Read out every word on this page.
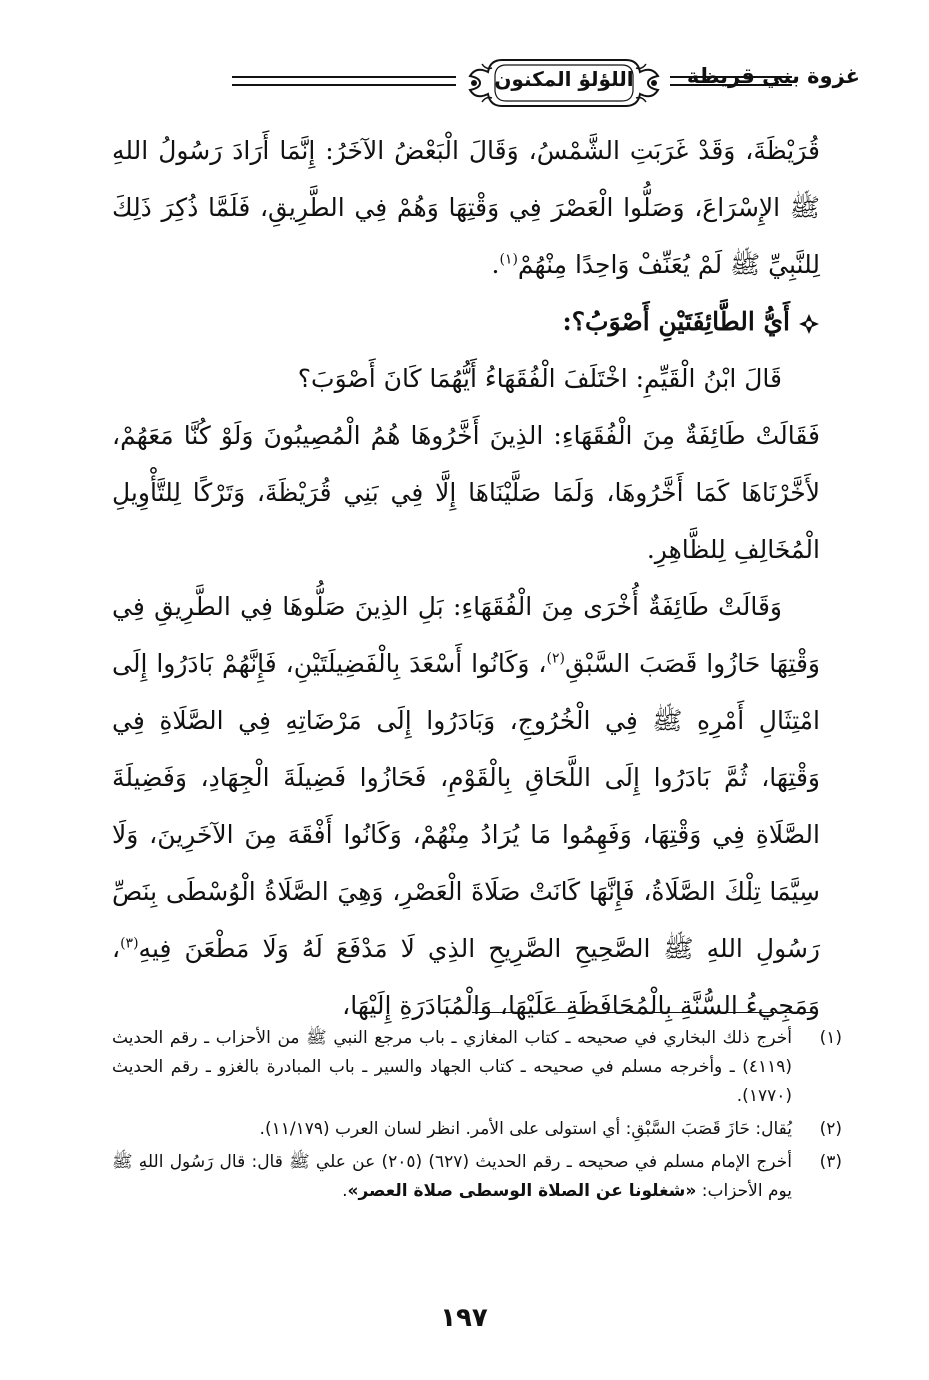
غزوة بني قريظة
اللؤلؤ المكنون

قُرَيْظَةَ، وَقَدْ غَرَبَتِ الشَّمْسُ، وَقَالَ الْبَعْضُ الآخَرُ: إِنَّمَا أَرَادَ رَسُولُ اللهِ ﷺ الإِسْرَاعَ، وَصَلُّوا الْعَصْرَ فِي وَقْتِهَا وَهُمْ فِي الطَّرِيقِ، فَلَمَّا ذُكِرَ ذَلِكَ لِلنَّبِيِّ ﷺ لَمْ يُعَنِّفْ وَاحِدًا مِنْهُمْ$^{(١)}$.

أَيُّ الطَّائِفَتَيْنِ أَصْوَبُ؟:

قَالَ ابْنُ الْقَيِّمِ: اخْتَلَفَ الْفُقَهَاءُ أَيُّهُمَا كَانَ أَصْوَبَ؟

فَقَالَتْ طَائِفَةٌ مِنَ الْفُقَهَاءِ: الذِينَ أَخَّرُوهَا هُمُ الْمُصِيبُونَ وَلَوْ كُنَّا مَعَهُمْ، لأَخَّرْنَاهَا كَمَا أَخَّرُوهَا، وَلَمَا صَلَّيْنَاهَا إِلَّا فِي بَنِي قُرَيْظَةَ، وَتَرْكًا لِلتَّأْوِيلِ الْمُخَالِفِ لِلظَّاهِرِ.

وَقَالَتْ طَائِفَةٌ أُخْرَى مِنَ الْفُقَهَاءِ: بَلِ الذِينَ صَلُّوهَا فِي الطَّرِيقِ فِي وَقْتِهَا حَازُوا قَصَبَ السَّبْقِ$^{(٢)}$، وَكَانُوا أَسْعَدَ بِالْفَضِيلَتَيْنِ، فَإِنَّهُمْ بَادَرُوا إِلَى امْتِثَالِ أَمْرِهِ ﷺ فِي الْخُرُوجِ، وَبَادَرُوا إِلَى مَرْضَاتِهِ فِي الصَّلَاةِ فِي وَقْتِهَا، ثُمَّ بَادَرُوا إِلَى اللَّحَاقِ بِالْقَوْمِ، فَحَازُوا فَضِيلَةَ الْجِهَادِ، وَفَضِيلَةَ الصَّلَاةِ فِي وَقْتِهَا، وَفَهِمُوا مَا يُرَادُ مِنْهُمْ، وَكَانُوا أَفْقَهَ مِنَ الآخَرِينَ، وَلَا سِيَّمَا تِلْكَ الصَّلَاةُ، فَإِنَّهَا كَانَتْ صَلَاةَ الْعَصْرِ، وَهِيَ الصَّلَاةُ الْوُسْطَى بِنَصِّ رَسُولِ اللهِ ﷺ الصَّحِيحِ الصَّرِيحِ الذِي لَا مَدْفَعَ لَهُ وَلَا مَطْعَنَ فِيهِ$^{(٣)}$، وَمَجِيءُ السُّنَّةِ بِالْمُحَافَظَةِ عَلَيْهَا، وَالْمُبَادَرَةِ إِلَيْهَا،

(١)
أخرج ذلك البخاري في صحيحه ـ كتاب المغازي ـ باب مرجع النبي ﷺ من الأحزاب ـ رقم الحديث (٤١١٩) ـ وأخرجه مسلم في صحيحه ـ كتاب الجهاد والسير ـ باب المبادرة بالغزو ـ رقم الحديث (١٧٧٠).
(٢)
يُقال: حَازَ قَصَبَ السَّبْقِ: أي استولى على الأمر. انظر لسان العرب (١١/١٧٩).
(٣)
أخرج الإمام مسلم في صحيحه ـ رقم الحديث (٦٢٧) (٢٠٥) عن علي ﷺ قال: قال رَسُول اللهِ ﷺ يوم الأحزاب: «شغلونا عن الصلاة الوسطى صلاة العصر».
١٩٧
